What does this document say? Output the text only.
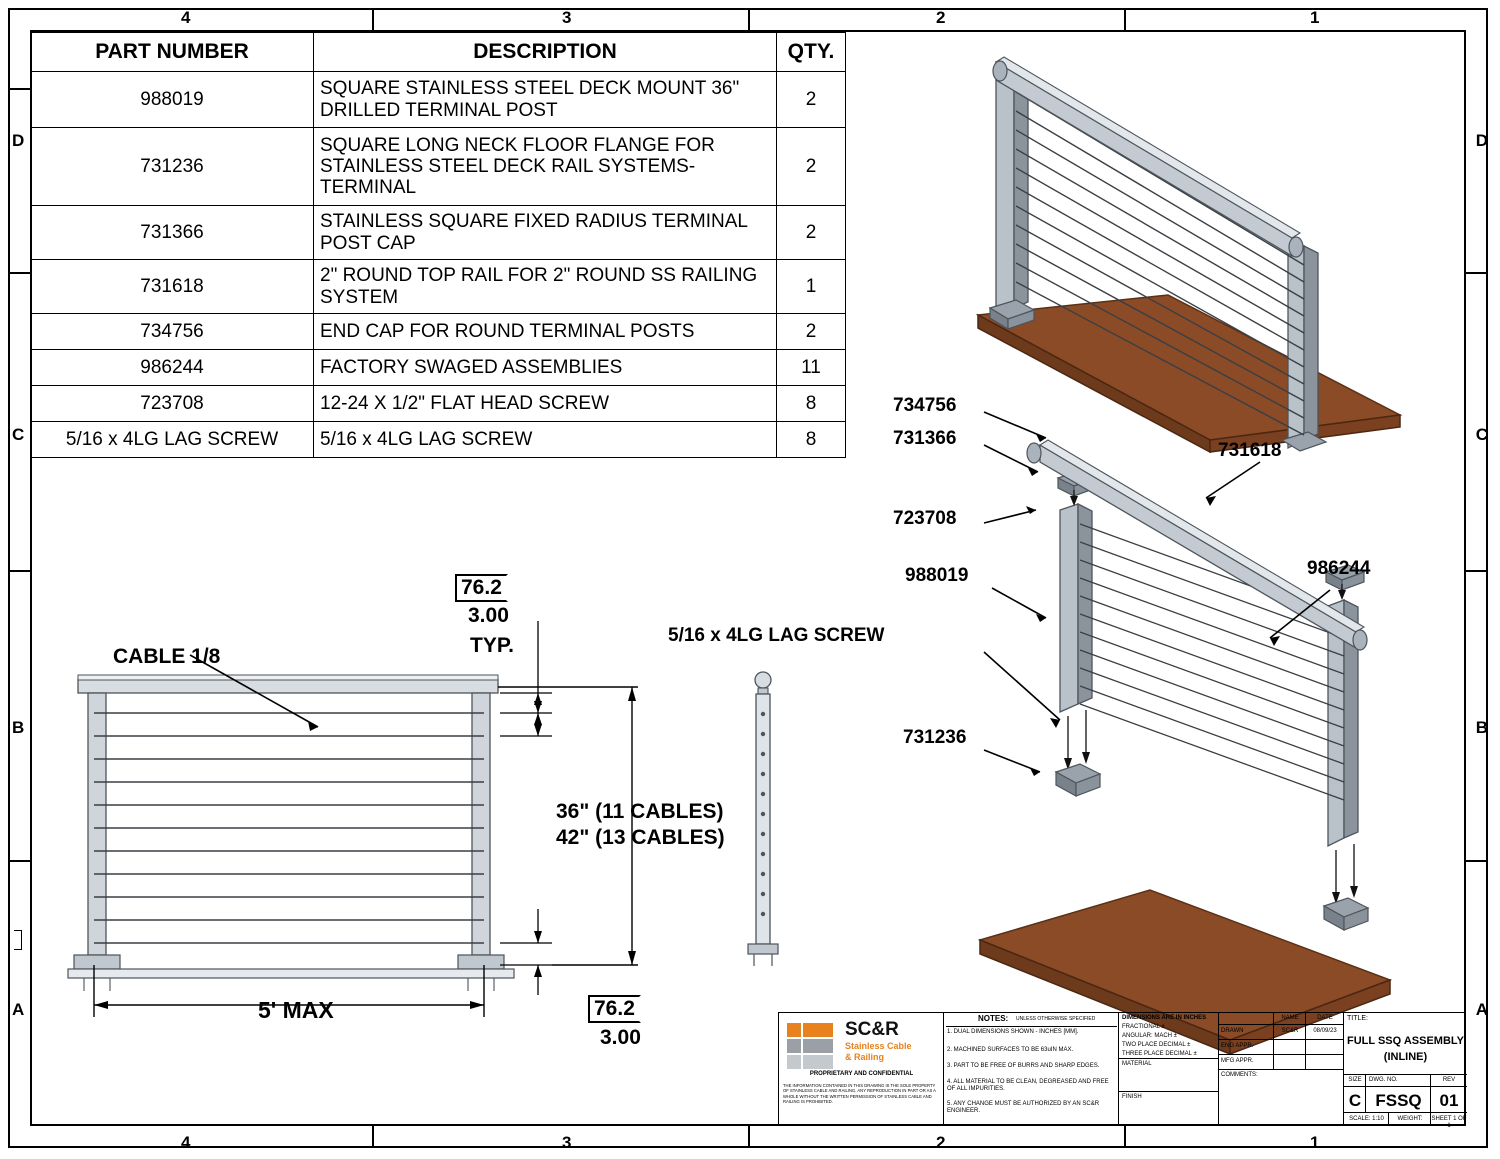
4	3	2	1
4	3	2	1
D
C
B
A
D
C
B
A
PART NUMBER	DESCRIPTION	QTY.
988019	SQUARE STAINLESS STEEL DECK MOUNT 36" DRILLED TERMINAL POST	2
731236	SQUARE LONG NECK FLOOR FLANGE FOR STAINLESS STEEL DECK RAIL SYSTEMS-TERMINAL	2
731366	STAINLESS SQUARE FIXED RADIUS TERMINAL POST CAP	2
731618	2" ROUND TOP RAIL FOR 2" ROUND SS RAILING SYSTEM	1
734756	END CAP FOR ROUND TERMINAL POSTS	2
986244	FACTORY SWAGED ASSEMBLIES	11
723708	12-24 X 1/2" FLAT HEAD SCREW	8
5/16 x 4LG LAG SCREW	5/16 x 4LG LAG SCREW	8
734756
731366
723708
988019
731236
731618
986244
5/16 x 4LG LAG SCREW
CABLE 1/8
76.2
3.00
TYP.
36" (11 CABLES)
42" (13 CABLES)
5' MAX	76.2
3.00	SC&R
Stainless Cable
& Railing
PROPRIETARY AND CONFIDENTIAL
THE INFORMATION CONTAINED IN THIS DRAWING IS THE SOLE PROPERTY OF STAINLESS CABLE AND RAILING. ANY REPRODUCTION IN PART OR AS A WHOLE WITHOUT THE WRITTEN PERMISSION OF STAINLESS CABLE AND RAILING IS PROHIBITED.
NOTES: UNLESS OTHERWISE SPECIFIED
1. DUAL DIMENSIONS SHOWN - INCHES [MM].
2. MACHINED SURFACES TO BE 63uIN MAX.
3. PART TO BE FREE OF BURRS AND SHARP EDGES.
4. ALL MATERIAL TO BE CLEAN, DEGREASED AND FREE OF ALL IMPURITIES.
5. ANY CHANGE MUST BE AUTHORIZED BY AN SC&R ENGINEER.
DIMENSIONS ARE IN INCHES
FRACTIONAL ±
ANGULAR: MACH ±
TWO PLACE DECIMAL ±
THREE PLACE DECIMAL ±
MATERIAL
FINISH
NAME	DATE
DRAWN	SC&R	08/09/23
ENG APPR.
MFG APPR.
COMMENTS:
TITLE:
FULL SSQ ASSEMBLY
(INLINE)
SIZE	DWG. NO.	REV
C FSSQ	01
SCALE: 1:10	WEIGHT:	SHEET 1 OF 1
